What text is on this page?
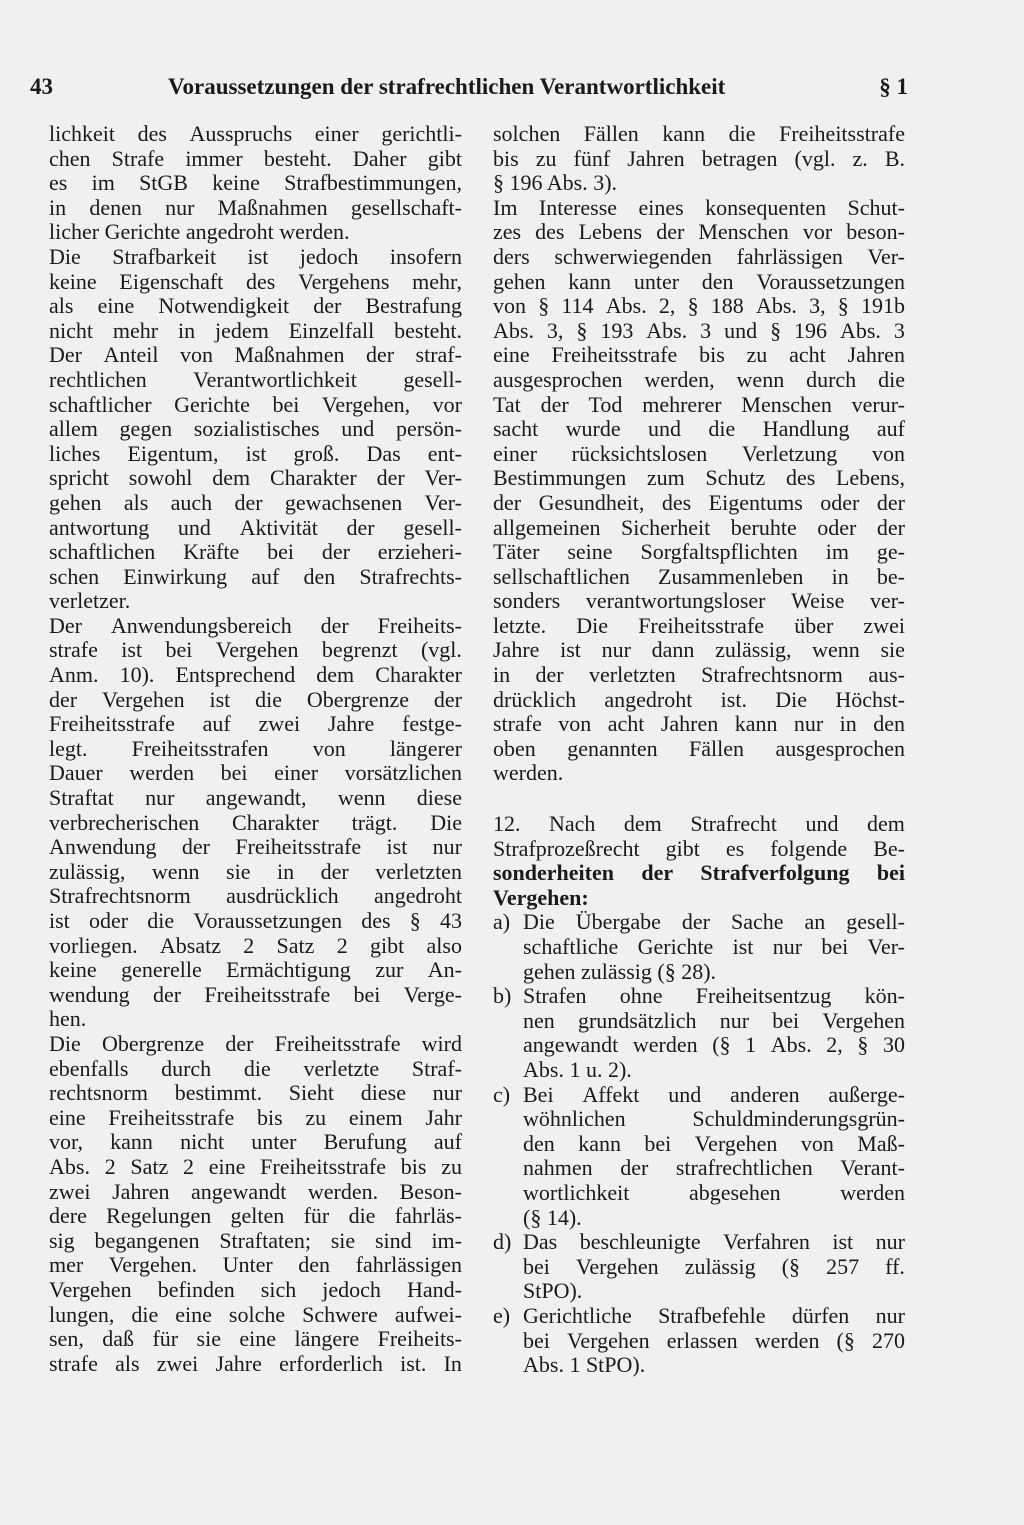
43	Voraussetzungen der strafrechtlichen Verantwortlichkeit	§ 1
lichkeit des Ausspruchs einer gerichtli-
chen Strafe immer besteht. Daher gibt
es im StGB keine Strafbestimmungen,
in denen nur Maßnahmen gesellschaft-
licher Gerichte angedroht werden.
Die Strafbarkeit ist jedoch insofern
keine Eigenschaft des Vergehens mehr,
als eine Notwendigkeit der Bestrafung
nicht mehr in jedem Einzelfall besteht.
Der Anteil von Maßnahmen der straf-
rechtlichen Verantwortlichkeit gesell-
schaftlicher Gerichte bei Vergehen, vor
allem gegen sozialistisches und persön-
liches Eigentum, ist groß. Das ent-
spricht sowohl dem Charakter der Ver-
gehen als auch der gewachsenen Ver-
antwortung und Aktivität der gesell-
schaftlichen Kräfte bei der erzieheri-
schen Einwirkung auf den Strafrechts-
verletzer.
Der Anwendungsbereich der Freiheits-
strafe ist bei Vergehen begrenzt (vgl.
Anm. 10). Entsprechend dem Charakter
der Vergehen ist die Obergrenze der
Freiheitsstrafe auf zwei Jahre festge-
legt. Freiheitsstrafen von längerer
Dauer werden bei einer vorsätzlichen
Straftat nur angewandt, wenn diese
verbrecherischen Charakter trägt. Die
Anwendung der Freiheitsstrafe ist nur
zulässig, wenn sie in der verletzten
Strafrechtsnorm ausdrücklich angedroht
ist oder die Voraussetzungen des § 43
vorliegen. Absatz 2 Satz 2 gibt also
keine generelle Ermächtigung zur An-
wendung der Freiheitsstrafe bei Verge-
hen.
Die Obergrenze der Freiheitsstrafe wird
ebenfalls durch die verletzte Straf-
rechtsnorm bestimmt. Sieht diese nur
eine Freiheitsstrafe bis zu einem Jahr
vor, kann nicht unter Berufung auf
Abs. 2 Satz 2 eine Freiheitsstrafe bis zu
zwei Jahren angewandt werden. Beson-
dere Regelungen gelten für die fahrläs-
sig begangenen Straftaten; sie sind im-
mer Vergehen. Unter den fahrlässigen
Vergehen befinden sich jedoch Hand-
lungen, die eine solche Schwere aufwei-
sen, daß für sie eine längere Freiheits-
strafe als zwei Jahre erforderlich ist. In
solchen Fällen kann die Freiheitsstrafe
bis zu fünf Jahren betragen (vgl. z. B.
§ 196 Abs. 3).
Im Interesse eines konsequenten Schut-
zes des Lebens der Menschen vor beson-
ders schwerwiegenden fahrlässigen Ver-
gehen kann unter den Voraussetzungen
von § 114 Abs. 2, § 188 Abs. 3, § 191b
Abs. 3, § 193 Abs. 3 und § 196 Abs. 3
eine Freiheitsstrafe bis zu acht Jahren
ausgesprochen werden, wenn durch die
Tat der Tod mehrerer Menschen verur-
sacht wurde und die Handlung auf
einer rücksichtslosen Verletzung von
Bestimmungen zum Schutz des Lebens,
der Gesundheit, des Eigentums oder der
allgemeinen Sicherheit beruhte oder der
Täter seine Sorgfaltspflichten im ge-
sellschaftlichen Zusammenleben in be-
sonders verantwortungsloser Weise ver-
letzte. Die Freiheitsstrafe über zwei
Jahre ist nur dann zulässig, wenn sie
in der verletzten Strafrechtsnorm aus-
drücklich angedroht ist. Die Höchst-
strafe von acht Jahren kann nur in den
oben genannten Fällen ausgesprochen
werden.
12. Nach dem Strafrecht und dem
Strafprozeßrecht gibt es folgende Be-
sonderheiten der Strafverfolgung bei
Vergehen:
a) Die Übergabe der Sache an gesell-
schaftliche Gerichte ist nur bei Ver-
gehen zulässig (§ 28).
b) Strafen ohne Freiheitsentzug kön-
nen grundsätzlich nur bei Vergehen
angewandt werden (§ 1 Abs. 2, § 30
Abs. 1 u. 2).
c) Bei Affekt und anderen außerge-
wöhnlichen	Schuldminderungsgrün-
den kann bei Vergehen von Maß-
nahmen der strafrechtlichen Verant-
wortlichkeit	abgesehen	werden
(§ 14).
d) Das beschleunigte Verfahren ist nur
bei Vergehen zulässig (§ 257 ff.
StPO).
e) Gerichtliche Strafbefehle dürfen nur
bei Vergehen erlassen werden (§ 270
Abs. 1 StPO).
